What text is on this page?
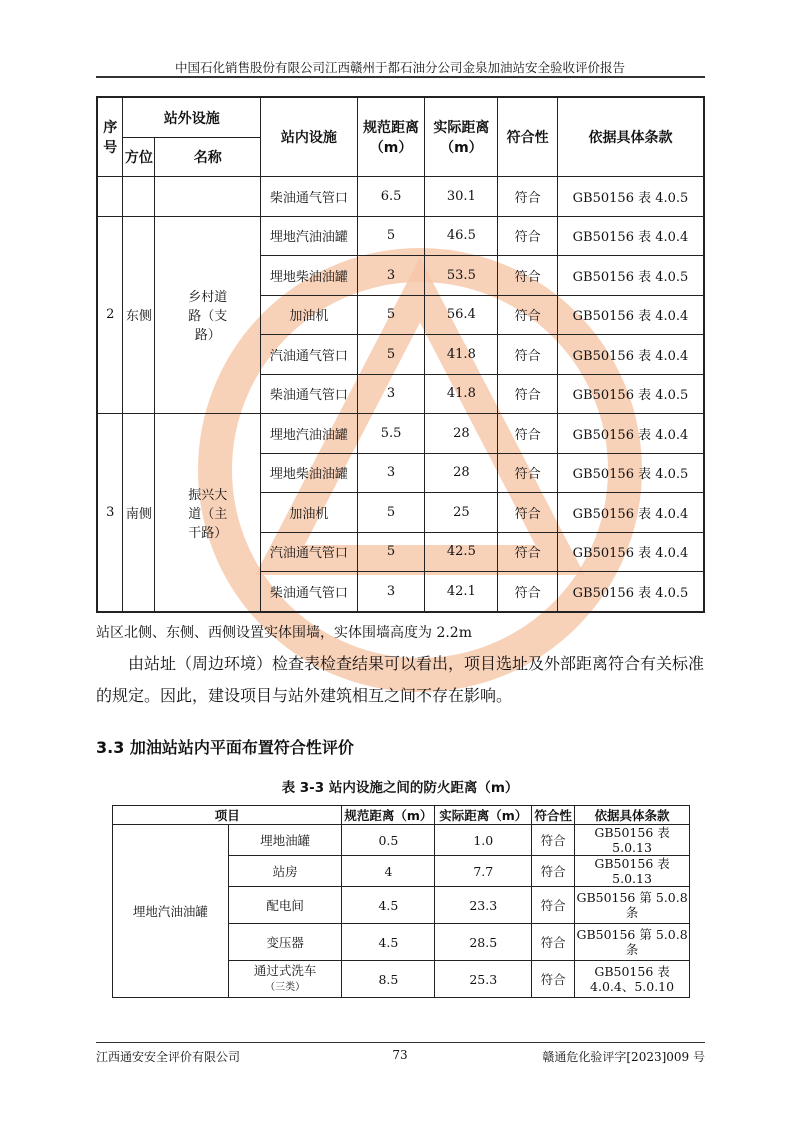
中国石化销售股份有限公司江西赣州于都石油分公司金泉加油站安全验收评价报告
序号	站外设施		站内设施	规范距离（m）	实际距离（m）	符合性	依据具体条款
	方位	名称					
			柴油通气管口	6.5	30.1	符合	GB50156 表 4.0.5
2	东侧	乡村道路（支路）	埋地汽油油罐	5	46.5	符合	GB50156 表 4.0.4
			埋地柴油油罐	3	53.5	符合	GB50156 表 4.0.5
			加油机	5	56.4	符合	GB50156 表 4.0.4
			汽油通气管口	5	41.8	符合	GB50156 表 4.0.4
			柴油通气管口	3	41.8	符合	GB50156 表 4.0.5
3	南侧	振兴大道（主干路）	埋地汽油油罐	5.5	28	符合	GB50156 表 4.0.4
			埋地柴油油罐	3	28	符合	GB50156 表 4.0.5
			加油机	5	25	符合	GB50156 表 4.0.4
			汽油通气管口	5	42.5	符合	GB50156 表 4.0.4
			柴油通气管口	3	42.1	符合	GB50156 表 4.0.5
站区北侧、东侧、西侧设置实体围墙，实体围墙高度为 2.2m
由站址（周边环境）检查表检查结果可以看出，项目选址及外部距离符合有关标准的规定。因此，建设项目与站外建筑相互之间不存在影响。
3.3 加油站站内平面布置符合性评价
表 3-3 站内设施之间的防火距离（m）
项目		规范距离（m）	实际距离（m）	符合性	依据具体条款
埋地汽油油罐	埋地油罐	0.5	1.0	符合	GB50156 表 5.0.13
	站房	4	7.7	符合	GB50156 表 5.0.13
	配电间	4.5	23.3	符合	GB50156 第 5.0.8 条
	变压器	4.5	28.5	符合	GB50156 第 5.0.8 条
	通过式洗车
（三类）	8.5	25.3	符合	GB50156 表 4.0.4、5.0.10
江西通安安全评价有限公司	73	赣通危化验评字[2023]009 号
